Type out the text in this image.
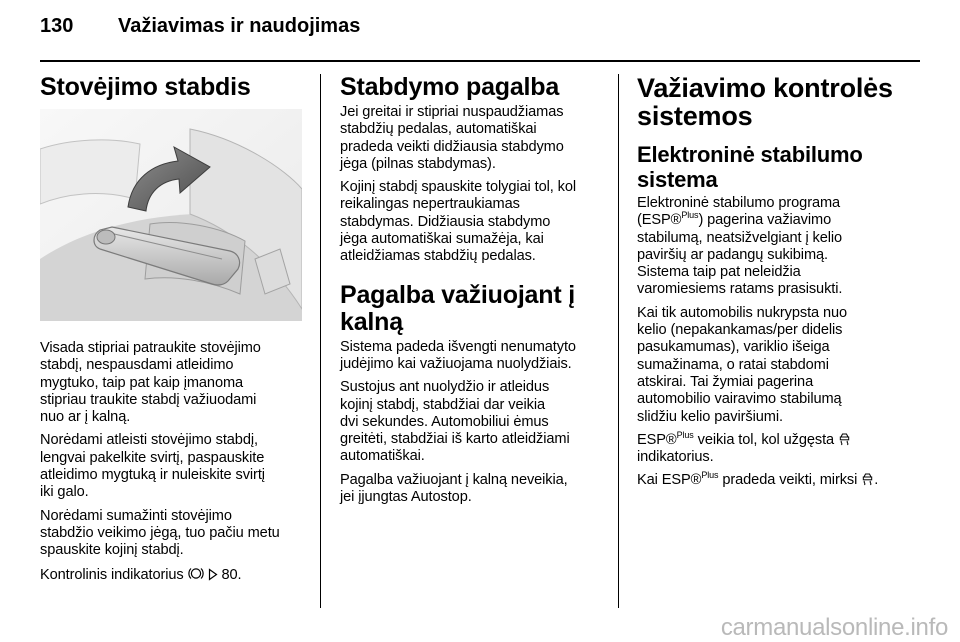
130 Važiavimas ir naudojimas
Stovėjimo stabdis

Visada stipriai patraukite stovėjimo
stabdį, nespausdami atleidimo
mygtuko, taip pat kaip įmanoma
stipriau traukite stabdį važiuodami
nuo ar į kalną.

Norėdami atleisti stovėjimo stabdį,
lengvai pakelkite svirtį, paspauskite
atleidimo mygtuką ir nuleiskite svirtį
iki galo.

Norėdami sumažinti stovėjimo
stabdžio veikimo jėgą, tuo pačiu metu
spauskite kojinį stabdį.

Kontrolinis indikatorius	80.

Stabdymo pagalba

Jei greitai ir stipriai nuspaudžiamas
stabdžių pedalas, automatiškai
pradeda veikti didžiausia stabdymo
jėga (pilnas stabdymas).

Kojinį stabdį spauskite tolygiai tol, kol
reikalingas nepertraukiamas
stabdymas. Didžiausia stabdymo
jėga automatiškai sumažėja, kai
atleidžiamas stabdžių pedalas.

Pagalba važiuojant į kalną

Sistema padeda išvengti nenumatyto
judėjimo kai važiuojama nuolydžiais.

Sustojus ant nuolydžio ir atleidus
kojinį stabdį, stabdžiai dar veikia
dvi sekundes. Automobiliui ėmus
greitėti, stabdžiai iš karto atleidžiami
automatiškai.

Pagalba važiuojant į kalną neveikia,
jei įjungtas Autostop.

Važiavimo kontrolės
sistemos
Elektroninė stabilumo
sistema

Elektroninė stabilumo programa
(ESP®$^{Plus}$) pagerina važiavimo
stabilumą, neatsižvelgiant į kelio
paviršių ar padangų sukibimą.
Sistema taip pat neleidžia
varomiesiems ratams prasisukti.

Kai tik automobilis nukrypsta nuo
kelio (nepakankamas/per didelis
pasukamumas), variklio išeiga
sumažinama, o ratai stabdomi
atskirai. Tai žymiai pagerina
automobilio vairavimo stabilumą
slidžiu kelio paviršiumi.

ESP®$^{Plus}$ veikia tol, kol užgęsta
indikatorius.

Kai ESP®$^{Plus}$ pradeda veikti, mirksi .

carmanualsonline.info
